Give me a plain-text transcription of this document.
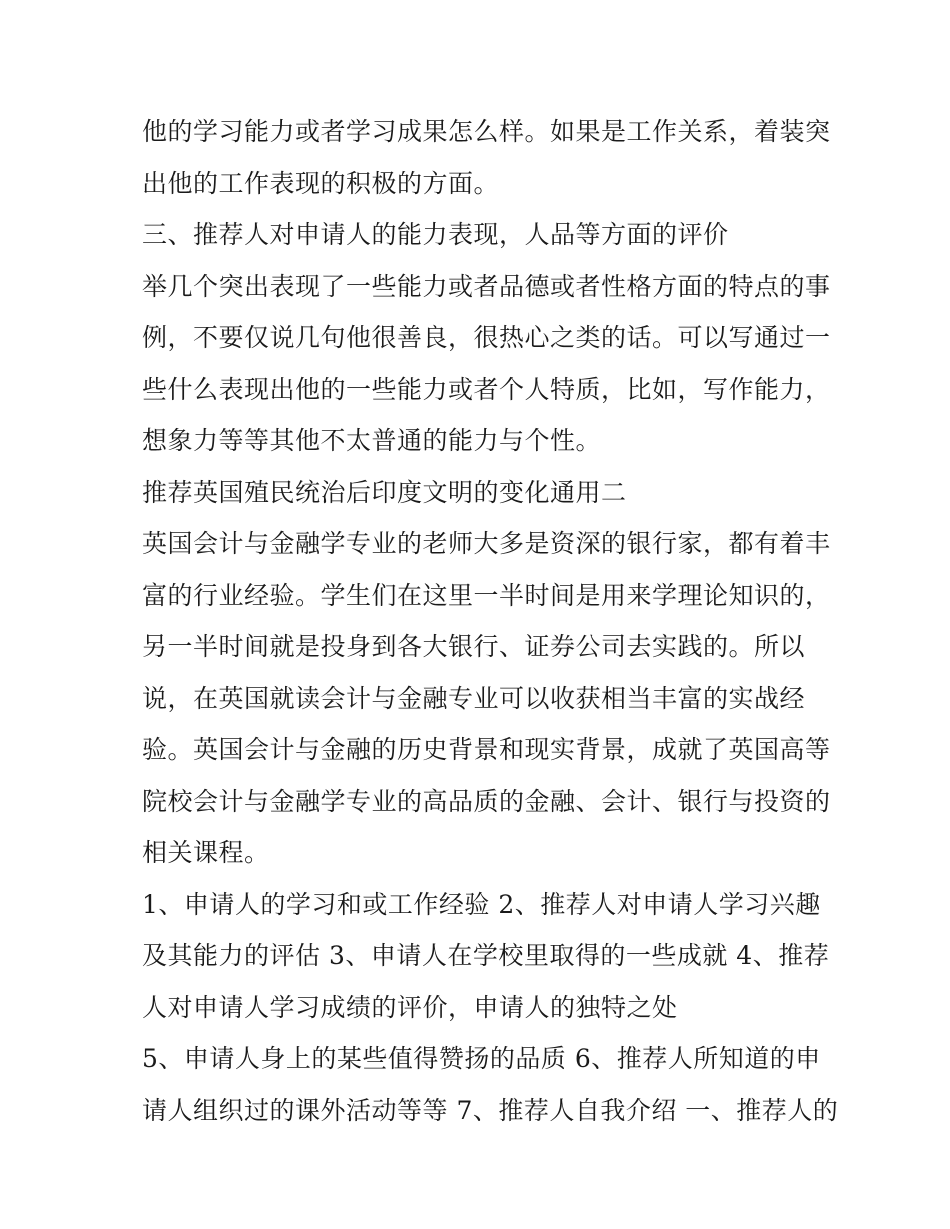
他的学习能力或者学习成果怎么样。如果是工作关系，着装突
出他的工作表现的积极的方面。
三、推荐人对申请人的能力表现，人品等方面的评价
举几个突出表现了一些能力或者品德或者性格方面的特点的事
例，不要仅说几句他很善良，很热心之类的话。可以写通过一
些什么表现出他的一些能力或者个人特质，比如，写作能力，
想象力等等其他不太普通的能力与个性。
推荐英国殖民统治后印度文明的变化通用二
英国会计与金融学专业的老师大多是资深的银行家，都有着丰
富的行业经验。学生们在这里一半时间是用来学理论知识的，
另一半时间就是投身到各大银行、证券公司去实践的。所以
说，在英国就读会计与金融专业可以收获相当丰富的实战经
验。英国会计与金融的历史背景和现实背景，成就了英国高等
院校会计与金融学专业的高品质的金融、会计、银行与投资的
相关课程。
1、申请人的学习和或工作经验 2、推荐人对申请人学习兴趣
及其能力的评估 3、申请人在学校里取得的一些成就 4、推荐
人对申请人学习成绩的评价，申请人的独特之处
5、申请人身上的某些值得赞扬的品质 6、推荐人所知道的申
请人组织过的课外活动等等 7、推荐人自我介绍 一、推荐人的
